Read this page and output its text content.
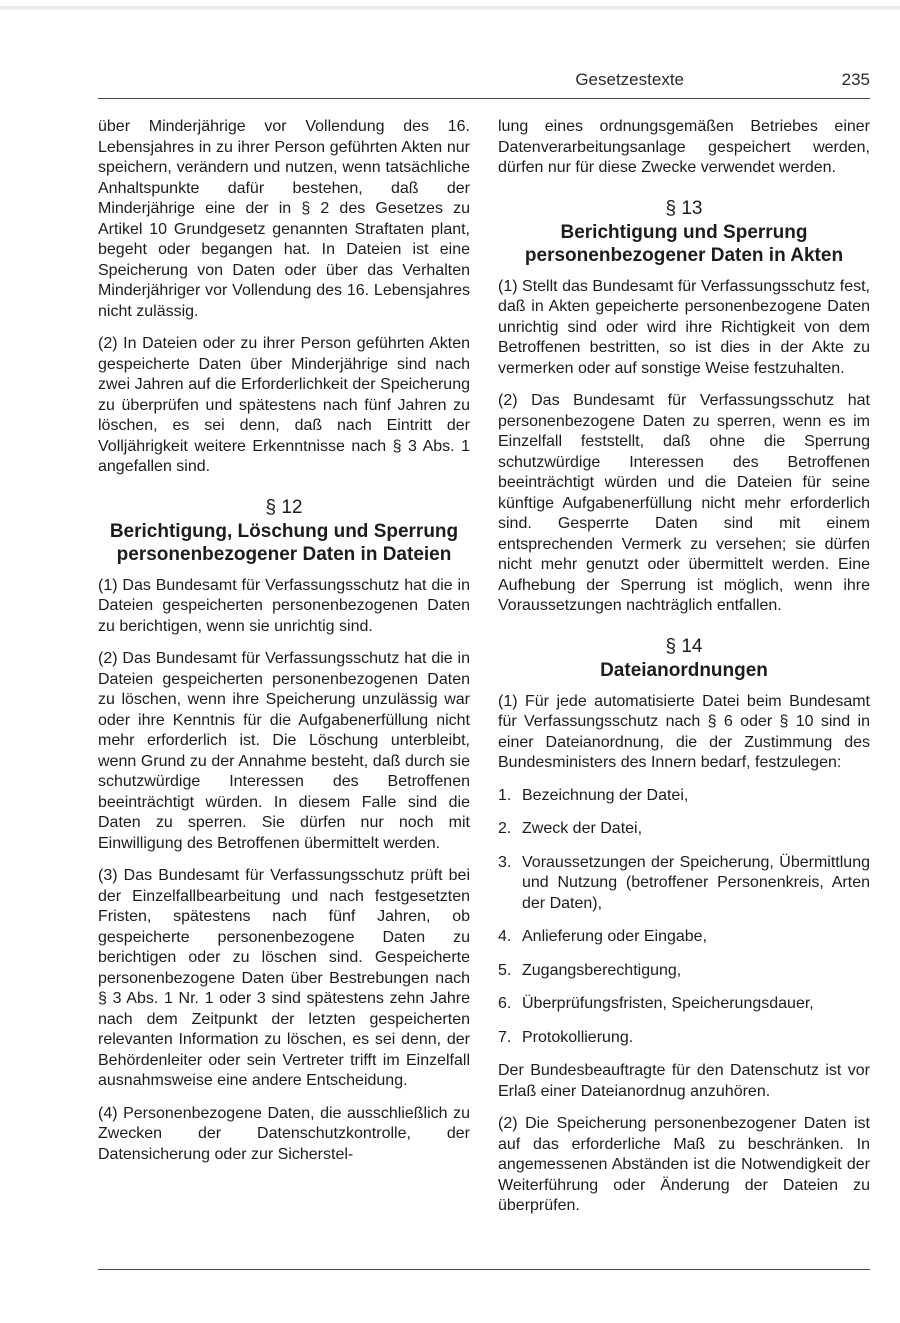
Gesetzestexte	235

über Minderjährige vor Vollendung des 16. Lebensjahres in zu ihrer Person geführten Akten nur speichern, verändern und nutzen, wenn tatsächliche Anhaltspunkte dafür bestehen, daß der Minderjährige eine der in § 2 des Gesetzes zu Artikel 10 Grundgesetz genannten Straftaten plant, begeht oder begangen hat. In Dateien ist eine Speicherung von Daten oder über das Verhalten Minderjähriger vor Vollendung des 16. Lebensjahres nicht zulässig.

(2) In Dateien oder zu ihrer Person geführten Akten gespeicherte Daten über Minderjährige sind nach zwei Jahren auf die Erforderlichkeit der Speicherung zu überprüfen und spätestens nach fünf Jahren zu löschen, es sei denn, daß nach Eintritt der Volljährigkeit weitere Erkenntnisse nach § 3 Abs. 1 angefallen sind.

§ 12
Berichtigung, Löschung und Sperrung
personenbezogener Daten in Dateien

(1) Das Bundesamt für Verfassungsschutz hat die in Dateien gespeicherten personenbezogenen Daten zu berichtigen, wenn sie unrichtig sind.

(2) Das Bundesamt für Verfassungsschutz hat die in Dateien gespeicherten personenbezogenen Daten zu löschen, wenn ihre Speicherung unzulässig war oder ihre Kenntnis für die Aufgabenerfüllung nicht mehr erforderlich ist. Die Löschung unterbleibt, wenn Grund zu der Annahme besteht, daß durch sie schutzwürdige Interessen des Betroffenen beeinträchtigt würden. In diesem Falle sind die Daten zu sperren. Sie dürfen nur noch mit Einwilligung des Betroffenen übermittelt werden.

(3) Das Bundesamt für Verfassungsschutz prüft bei der Einzelfallbearbeitung und nach festgesetzten Fristen, spätestens nach fünf Jahren, ob gespeicherte personenbezogene Daten zu berichtigen oder zu löschen sind. Gespeicherte personenbezogene Daten über Bestrebungen nach § 3 Abs. 1 Nr. 1 oder 3 sind spätestens zehn Jahre nach dem Zeitpunkt der letzten gespeicherten relevanten Information zu löschen, es sei denn, der Behördenleiter oder sein Vertreter trifft im Einzelfall ausnahmsweise eine andere Entscheidung.

(4) Personenbezogene Daten, die ausschließlich zu Zwecken der Datenschutzkontrolle, der Datensicherung oder zur Sicherstel-

lung eines ordnungsgemäßen Betriebes einer Datenverarbeitungsanlage gespeichert werden, dürfen nur für diese Zwecke verwendet werden.

§ 13
Berichtigung und Sperrung
personenbezogener Daten in Akten

(1) Stellt das Bundesamt für Verfassungsschutz fest, daß in Akten gepeicherte personenbezogene Daten unrichtig sind oder wird ihre Richtigkeit von dem Betroffenen bestritten, so ist dies in der Akte zu vermerken oder auf sonstige Weise festzuhalten.

(2) Das Bundesamt für Verfassungsschutz hat personenbezogene Daten zu sperren, wenn es im Einzelfall feststellt, daß ohne die Sperrung schutzwürdige Interessen des Betroffenen beeinträchtigt würden und die Dateien für seine künftige Aufgabenerfüllung nicht mehr erforderlich sind. Gesperrte Daten sind mit einem entsprechenden Vermerk zu versehen; sie dürfen nicht mehr genutzt oder übermittelt werden. Eine Aufhebung der Sperrung ist möglich, wenn ihre Voraussetzungen nachträglich entfallen.

§ 14
Dateianordnungen

(1) Für jede automatisierte Datei beim Bundesamt für Verfassungsschutz nach § 6 oder § 10 sind in einer Dateianordnung, die der Zustimmung des Bundesministers des Innern bedarf, festzulegen:

1. Bezeichnung der Datei,
2. Zweck der Datei,
3. Voraussetzungen der Speicherung, Übermittlung und Nutzung (betroffener Personenkreis, Arten der Daten),
4. Anlieferung oder Eingabe,
5. Zugangsberechtigung,
6. Überprüfungsfristen, Speicherungsdauer,
7. Protokollierung.

Der Bundesbeauftragte für den Datenschutz ist vor Erlaß einer Dateianordnug anzuhören.

(2) Die Speicherung personenbezogener Daten ist auf das erforderliche Maß zu beschränken. In angemessenen Abständen ist die Notwendigkeit der Weiterführung oder Änderung der Dateien zu überprüfen.
